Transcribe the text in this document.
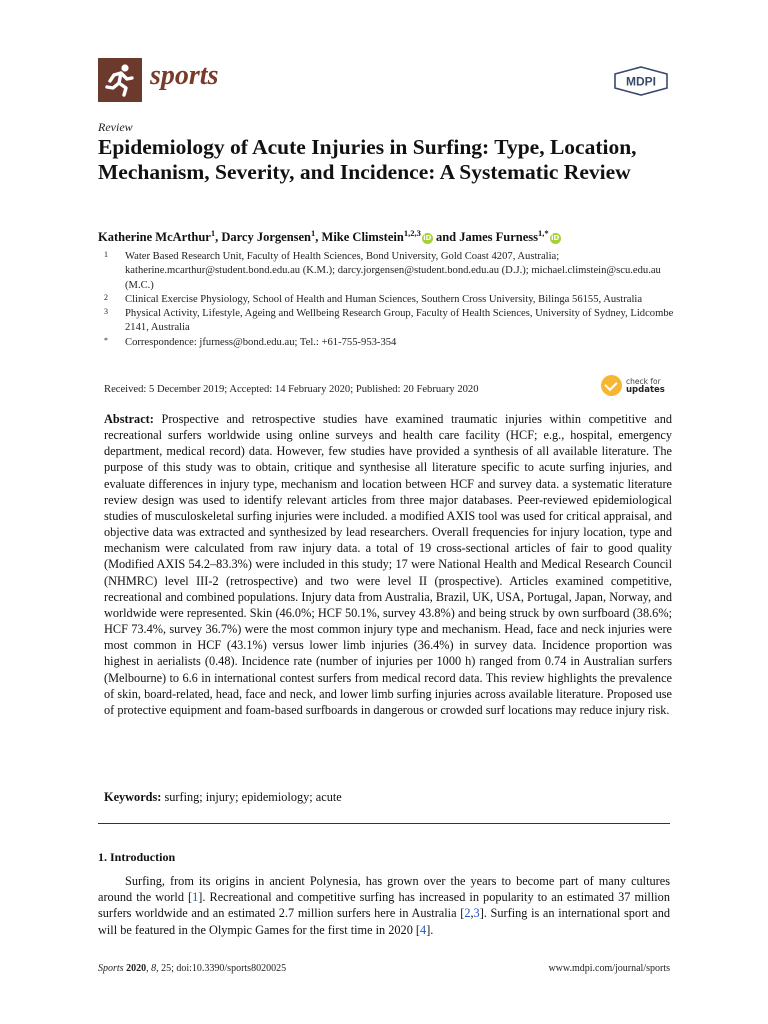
sports	MDPI
Review
Epidemiology of Acute Injuries in Surfing: Type, Location, Mechanism, Severity, and Incidence: A Systematic Review
Katherine McArthur$^1$, Darcy Jorgensen$^1$, Mike Climstein$^{1,2,3}$iD and James Furness$^{1,*}$iD
1	Water Based Research Unit, Faculty of Health Sciences, Bond University, Gold Coast 4207, Australia; katherine.mcarthur@student.bond.edu.au (K.M.); darcy.jorgensen@student.bond.edu.au (D.J.); michael.climstein@scu.edu.au (M.C.)
2	Clinical Exercise Physiology, School of Health and Human Sciences, Southern Cross University, Bilinga 56155, Australia
3	Physical Activity, Lifestyle, Ageing and Wellbeing Research Group, Faculty of Health Sciences, University of Sydney, Lidcombe 2141, Australia
*	Correspondence: jfurness@bond.edu.au; Tel.: +61-755-953-354
Received: 5 December 2019; Accepted: 14 February 2020; Published: 20 February 2020
check for
updates
Abstract: Prospective and retrospective studies have examined traumatic injuries within competitive and recreational surfers worldwide using online surveys and health care facility (HCF; e.g., hospital, emergency department, medical record) data. However, few studies have provided a synthesis of all available literature. The purpose of this study was to obtain, critique and synthesise all literature specific to acute surfing injuries, and evaluate differences in injury type, mechanism and location between HCF and survey data. a systematic literature review design was used to identify relevant articles from three major databases. Peer-reviewed epidemiological studies of musculoskeletal surfing injuries were included. a modified AXIS tool was used for critical appraisal, and objective data was extracted and synthesized by lead researchers. Overall frequencies for injury location, type and mechanism were calculated from raw injury data. a total of 19 cross-sectional articles of fair to good quality (Modified AXIS 54.2–83.3%) were included in this study; 17 were National Health and Medical Research Council (NHMRC) level III-2 (retrospective) and two were level II (prospective). Articles examined competitive, recreational and combined populations. Injury data from Australia, Brazil, UK, USA, Portugal, Japan, Norway, and worldwide were represented. Skin (46.0%; HCF 50.1%, survey 43.8%) and being struck by own surfboard (38.6%; HCF 73.4%, survey 36.7%) were the most common injury type and mechanism. Head, face and neck injuries were most common in HCF (43.1%) versus lower limb injuries (36.4%) in survey data. Incidence proportion was highest in aerialists (0.48). Incidence rate (number of injuries per 1000 h) ranged from 0.74 in Australian surfers (Melbourne) to 6.6 in international contest surfers from medical record data. This review highlights the prevalence of skin, board-related, head, face and neck, and lower limb surfing injuries across available literature. Proposed use of protective equipment and foam-based surfboards in dangerous or crowded surf locations may reduce injury risk.
Keywords: surfing; injury; epidemiology; acute
1. Introduction
Surfing, from its origins in ancient Polynesia, has grown over the years to become part of many cultures around the world [1]. Recreational and competitive surfing has increased in popularity to an estimated 37 million surfers worldwide and an estimated 2.7 million surfers here in Australia [2,3]. Surfing is an international sport and will be featured in the Olympic Games for the first time in 2020 [4].
Sports 2020, 8, 25; doi:10.3390/sports8020025	www.mdpi.com/journal/sports
